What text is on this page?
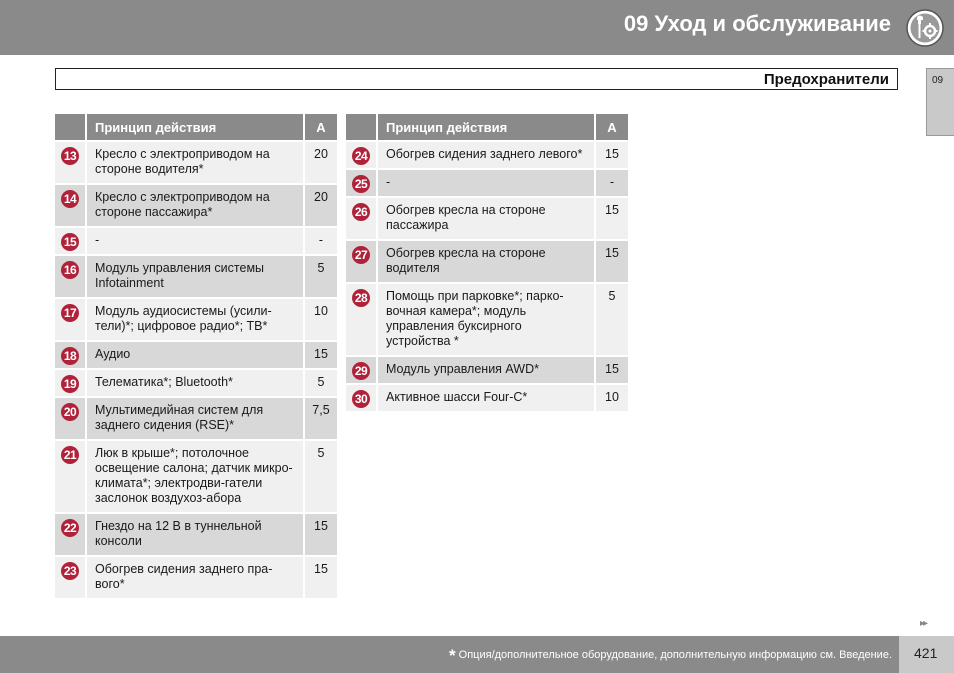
09 Уход и обслуживание
Предохранители	09
	Принцип действия	A
13	Кресло с электроприводом на стороне водителя*	20
14	Кресло с электроприводом на стороне пассажира*	20
15	-	-
16	Модуль управления системы Infotainment	5
17	Модуль аудиосистемы (усили-тели)*; цифровое радио*; ТВ*	10
18	Аудио	15
19	Телематика*; Bluetooth*	5
20	Мультимедийная систем для заднего сидения (RSE)*	7,5
21	Люк в крыше*; потолочное освещение салона; датчик микро-климата*; электродви-гатели заслонок воздухоз-абора	5
22	Гнездо на 12 В в туннельной консоли	15
23	Обогрев сидения заднего пра-вого*	15
	Принцип действия	A
24	Обогрев сидения заднего левого*	15
25	-	-
26	Обогрев кресла на стороне пассажира	15
27	Обогрев кресла на стороне водителя	15
28	Помощь при парковке*; парко-вочная камера*; модуль управления буксирного устройства *	5
29	Модуль управления AWD*	15
30	Активное шасси Four-C*	10
▸▸
* Опция/дополнительное оборудование, дополнительную информацию см. Введение. 421
